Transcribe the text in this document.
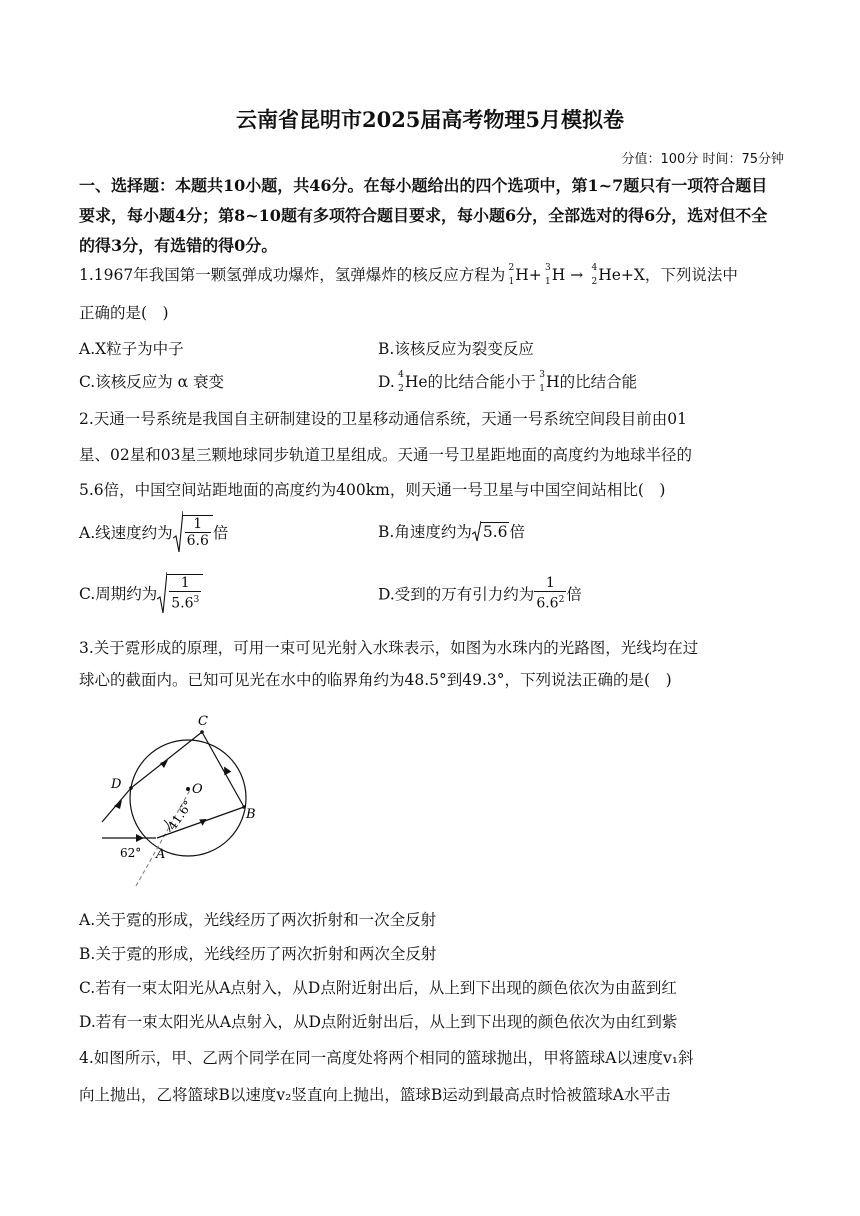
云南省昆明市2025届高考物理5月模拟卷
分值：100分 时间：75分钟
一、选择题：本题共10小题，共46分。在每小题给出的四个选项中，第1~7题只有一项符合题目要求，每小题4分；第8~10题有多项符合题目要求，每小题6分，全部选对的得6分，选对但不全的得3分，有选错的得0分。
1.1967年我国第一颗氢弹成功爆炸，氢弹爆炸的核反应方程为 2
1 H+ 3
1 H → 4
2 He+X，下列说法中
正确的是(　)
A.X粒子为中子	B.该核反应为裂变反应
C.该核反应为 α 衰变	D. 4
2 He的比结合能小于 3
1 H的比结合能
2.天通一号系统是我国自主研制建设的卫星移动通信系统，天通一号系统空间段目前由01
星、02星和03星三颗地球同步轨道卫星组成。天通一号卫星距地面的高度约为地球半径的
5.6倍，中国空间站距地面的高度约为400km，则天通一号卫星与中国空间站相比(　)
A.线速度约为 $\frac{1}{6.6}$ 倍	B.角速度约为 5.6 倍
C.周期约为 $\frac{1}{5.6^3}$	D.受到的万有引力约为 $\frac{1}{6.6^2}$ 倍
3.关于霓形成的原理，可用一束可见光射入水珠表示，如图为水珠内的光路图，光线均在过
球心的截面内。已知可见光在水中的临界角约为48.5°到49.3°，下列说法正确的是(　)
C
D	O
B
A
41.6°
62°
A.关于霓的形成，光线经历了两次折射和一次全反射
B.关于霓的形成，光线经历了两次折射和两次全反射
C.若有一束太阳光从A点射入，从D点附近射出后，从上到下出现的颜色依次为由蓝到红
D.若有一束太阳光从A点射入，从D点附近射出后，从上到下出现的颜色依次为由红到紫
4.如图所示，甲、乙两个同学在同一高度处将两个相同的篮球抛出，甲将篮球A以速度v₁斜
向上抛出，乙将篮球B以速度v₂竖直向上抛出，篮球B运动到最高点时恰被篮球A水平击
